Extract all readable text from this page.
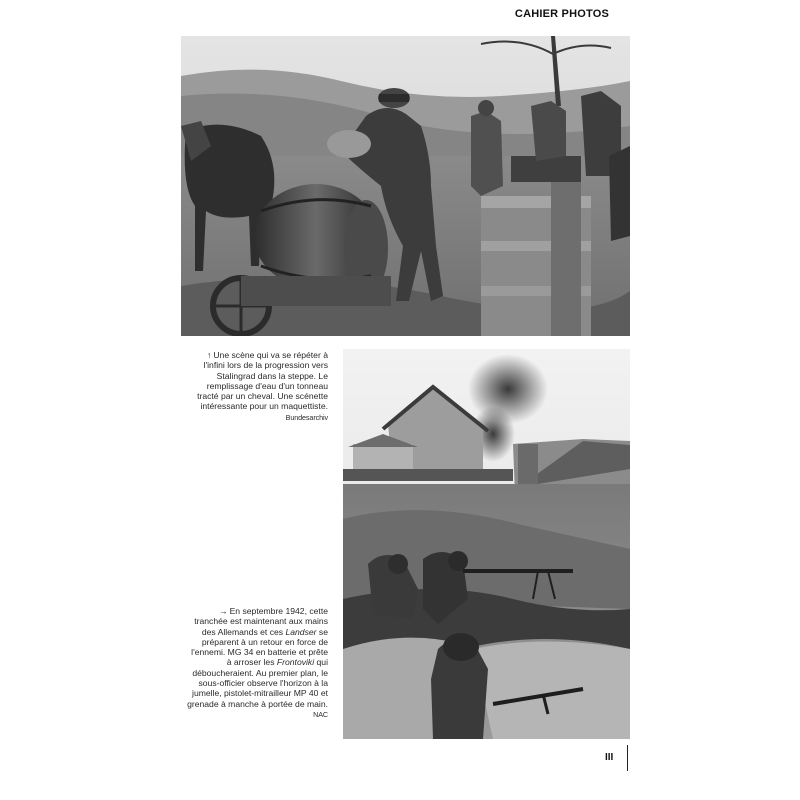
CAHIER PHOTOS
↑ Une scène qui va se répéter à l'infini lors de la progression vers Stalingrad dans la steppe. Le remplissage d'eau d'un tonneau tracté par un cheval. Une scénette intéressante pour un maquettiste. Bundesarchiv
→ En septembre 1942, cette tranchée est maintenant aux mains des Allemands et ces Landser se préparent à un retour en force de l'ennemi. MG 34 en batterie et prête à arroser les Frontoviki qui déboucheraient. Au premier plan, le sous-officier observe l'horizon à la jumelle, pistolet-mitrailleur MP 40 et grenade à manche à portée de main. NAC
III
